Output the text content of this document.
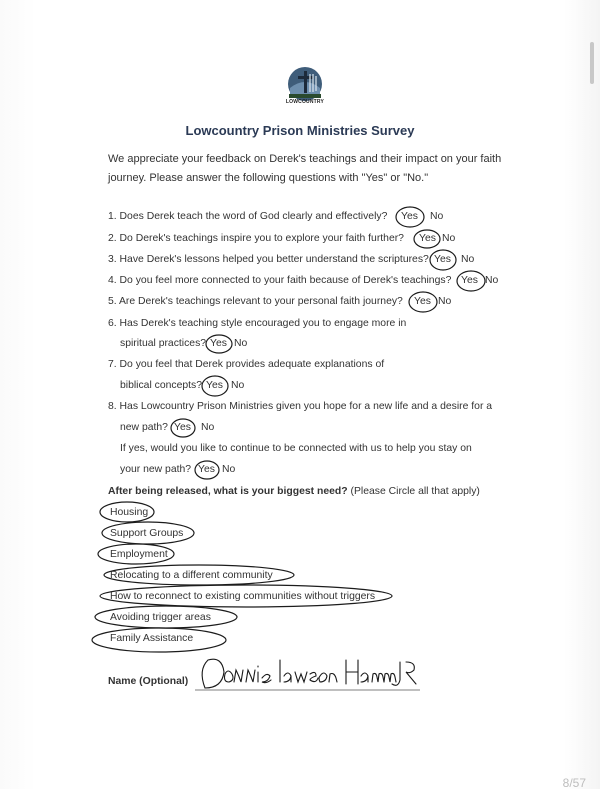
LOWCOUNTRY
Lowcountry Prison Ministries Survey
We appreciate your feedback on Derek's teachings and their impact on your faith journey. Please answer the following questions with "Yes" or "No."
1. Does Derek teach the word of God clearly and effectively? Yes No
2. Do Derek's teachings inspire you to explore your faith further? Yes No
3. Have Derek's lessons helped you better understand the scriptures? Yes No
4. Do you feel more connected to your faith because of Derek's teachings? Yes No
5. Are Derek's teachings relevant to your personal faith journey? Yes No
6. Has Derek's teaching style encouraged you to engage more in
spiritual practices? Yes No
7. Do you feel that Derek provides adequate explanations of
biblical concepts? Yes No
8. Has Lowcountry Prison Ministries given you hope for a new life and a desire for a
new path? Yes No
If yes, would you like to continue to be connected with us to help you stay on
your new path? Yes No
After being released, what is your biggest need? (Please Circle all that apply)
Housing
Support Groups
Employment
Relocating to a different community
How to reconnect to existing communities without triggers
Avoiding trigger areas
Family Assistance
Name (Optional)
8/57
